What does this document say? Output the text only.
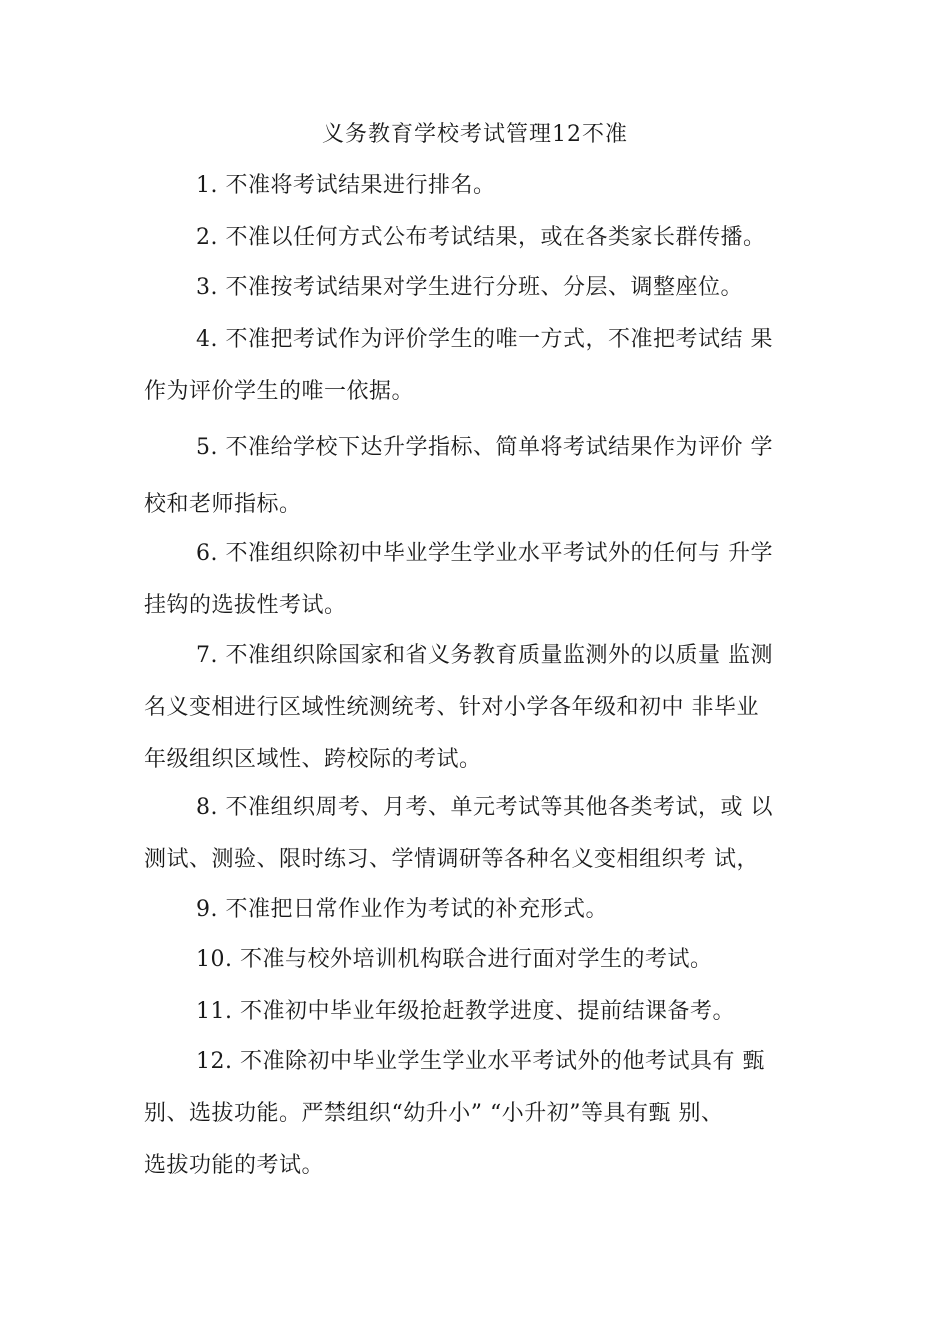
义务教育学校考试管理12不准
1. 不准将考试结果进行排名。
2. 不准以任何方式公布考试结果，或在各类家长群传播。
3. 不准按考试结果对学生进行分班、分层、调整座位。
4. 不准把考试作为评价学生的唯一方式，不准把考试结 果
作为评价学生的唯一依据。
5. 不准给学校下达升学指标、简单将考试结果作为评价 学
校和老师指标。
6. 不准组织除初中毕业学生学业水平考试外的任何与 升学
挂钩的选拔性考试。
7. 不准组织除国家和省义务教育质量监测外的以质量 监测
名义变相进行区域性统测统考、针对小学各年级和初中 非毕业
年级组织区域性、跨校际的考试。
8. 不准组织周考、月考、单元考试等其他各类考试，或 以
测试、测验、限时练习、学情调研等各种名义变相组织考 试，
9. 不准把日常作业作为考试的补充形式。
10. 不准与校外培训机构联合进行面对学生的考试。
11. 不准初中毕业年级抢赶教学进度、提前结课备考。
12. 不准除初中毕业学生学业水平考试外的他考试具有 甄
别、选拔功能。严禁组织“幼升小” “小升初”等具有甄 别、
选拔功能的考试。
